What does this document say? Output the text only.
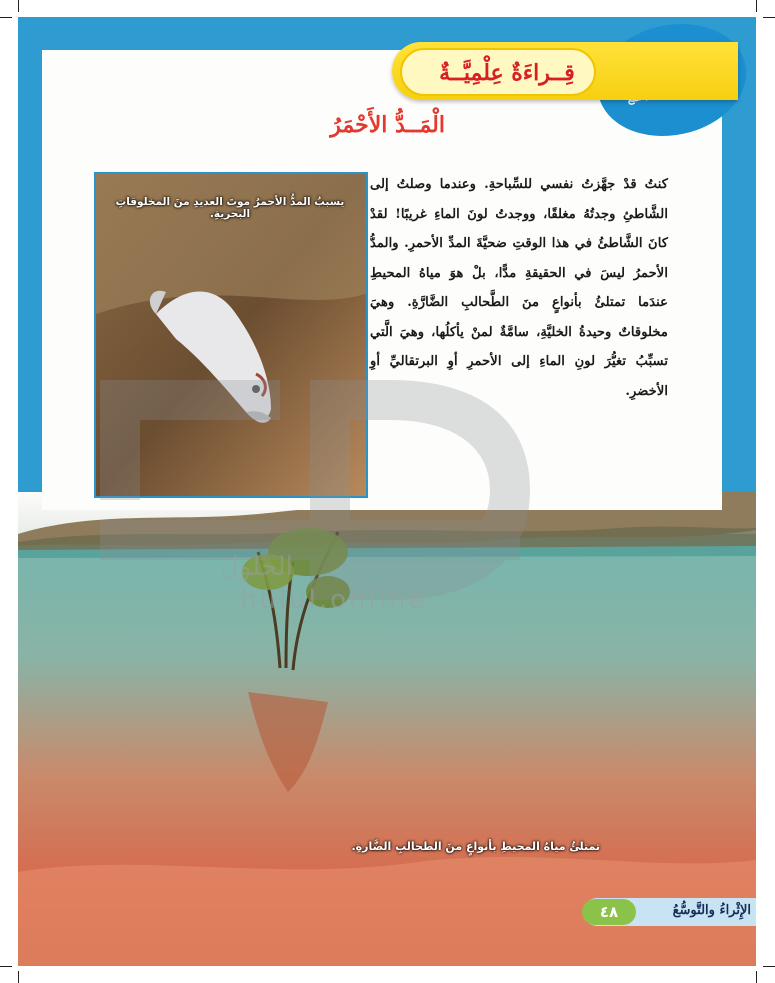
قِــراءَةٌ عِلْمِيَّــةٌ
الْمَــدُّ الأَحْمَرُ
كنتُ قدْ جهَّزتُ نفسي للسِّباحةِ. وعندما وصلتُ إلى الشَّاطئِ وجدتُهُ مغلقًا، ووجدتُ لونَ الماءِ غريبًا! لقدْ كانَ الشَّاطئُ في هذا الوقتِ ضحيَّةَ المدِّ الأحمرِ. والمدُّ الأحمرُ ليسَ في الحقيقةِ مدًّا، بلْ هوَ مياهُ المحيطِ عندَما تمتلئُ بأنواعٍ منَ الطَّحالبِ الضَّارَّةِ. وهيَ مخلوقاتٌ وحيدةُ الخليَّةِ، سامَّةٌ لمنْ يأكلُها، وهيَ الَّتي تسبِّبُ تغيُّرَ لونِ الماءِ إلى الأحمرِ أوِ البرتقاليِّ أوِ الأخضرِ.
يسببُ المدُّ الأحمرُ موتَ العديدِ منَ المخلوقاتِ البحريةِ.
تمتلئُ مياهُ المحيطِ بأنواعٍ منَ الطحالبِ الضَّارةِ.
الحلول
hulul.online
الإِثْراءُ والتَّوسُّعُ
٤٨
